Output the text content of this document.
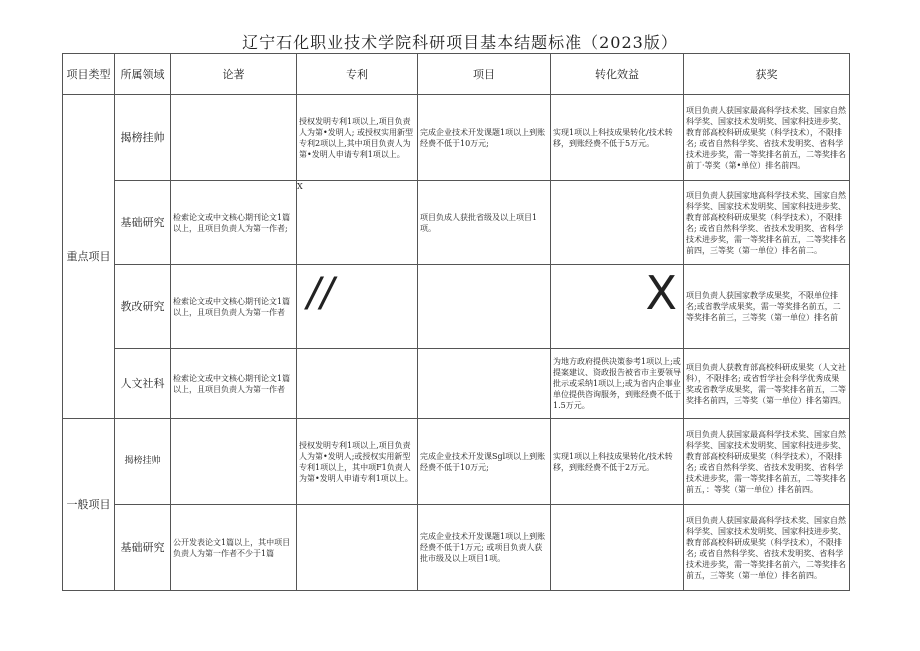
辽宁石化职业技术学院科研项目基本结题标准（2023版）
项目类型	所属领域	论著	专利	项目	转化效益	获奖
重点项目	揭榜挂帅		授权发明专利1项以上,项目负责人为第•发明人; 或授权实用新型专利2项以上,其中项目负责人为第•发明人申请专利1项以上。	完成企业技术开发课题1项以上到账经费不低于10万元;	实现1项以上科技成果转化/技术转移，到账经费不低于5万元。	项目负责人获国家最高科学技术奖、国家自然科学奖、国家技术发明奖、国家科技进步奖、教育部高校科研成果奖（科学技术），不限排名; 或省自然科学奖、省技术发明奖、省科学技术进步奖，需一等奖排名前五，二等奖排名前丁·等奖（第•单位）排名前四。
	基础研究	检索论文或中文核心期刊论文1篇以上，且项目负责人为第一作者;	X	项目负成人获批省级及以上项目1项。		项目负责人获国家地高科学技术奖、国家自然科学奖、国家技术发明奖、国家科技进步奖、教育部高校科研成果奖（科学技术），不限排名; 或省自然科学奖、省技术发明奖、省科学技术进步奖，需一等奖排名前五，二等奖排名前四，三等奖（第一单位）排名前二。
	教改研究	检索论文或中文核心期刊论文1篇以上，且项目负责人为第一作者	//		X	项目负责人获国家教学成果奖，不限单位排名;或省教学成果奖，需一等奖排名前五，二等奖排名前三，三等奖（第一单位）排名前
	人文社科	检索论文或中文核心期刊论文1篇以上，且项目负责人为第一作者			为地方政府提供决策参考1项以上;或提案建议、资政报告被省市主要领导批示或采纳1项以上;或为省内企事业单位提供咨询服务，到账经费不低于1.5万元。	项目负责人获教育部高校科研成果奖（人文社科），不限排名; 或省哲学社会科学优秀成果奖或省教学成果奖，需一等奖排名前五，二等奖排名前四，三等奖（第一单位）排名第四。
一般项目	揭榜挂帅		授权发明专利1项以上,项目负责人为第•发明人;或授权实用新型专利1项以上，其中项F1负责人为第•发明人申请专利1项以上。	完成企业技术开发课Sgl项以上到账经费不低于10万元;	实现1项以上科技成果转化/技术转移，到账经费不低于2万元。	项目负责人获国家最高科学技术奖、国家自然科学奖、国家技术发明奖、国家科技进步奖、教育部高校科研成果奖（科学技术），不限排名; 或省自然科学奖、省技术发明奖、省科学技术进步奖，需一等奖排名前五，二等奖排名前五，：等奖（第一单位）排名前四。
	基础研究	公开发表论文1篇以上，其中项目负责人为第一作者不少于1篇		完成企业技术开发课题1项以上到账经费不低于1万元; 或项目负责人获批市级及以上项目1项。		项目负责人获国家最高科学技术奖、国家自然科学奖、国家技术发明奖、国家科技进步奖、教育部高校科研成果奖（科学技术），不限排名; 或省自然科学奖、省技术发明奖、省科学技术进步奖，需一等奖排名前六，二等奖排名前五，三等奖（第一单位）排名前四。
